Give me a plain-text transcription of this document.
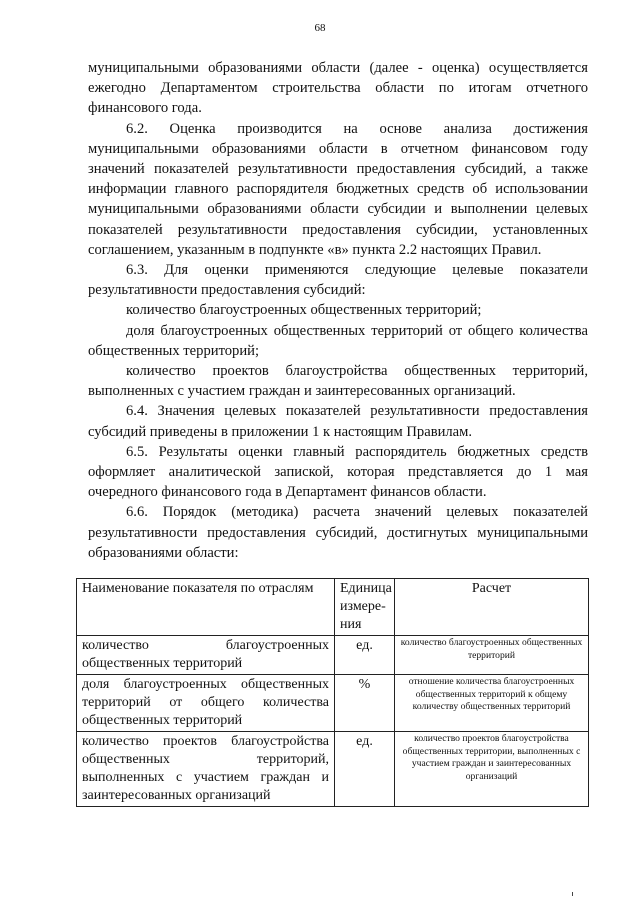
68

муниципальными образованиями области (далее - оценка) осуществляется ежегодно Департаментом строительства области по итогам отчетного финансового года.

6.2. Оценка производится на основе анализа достижения муниципальными образованиями области в отчетном финансовом году значений показателей результативности предоставления субсидий, а также информации главного распорядителя бюджетных средств об использовании муниципальными образованиями области субсидии и выполнении целевых показателей результативности предоставления субсидии, установленных соглашением, указанным в подпункте «в» пункта 2.2 настоящих Правил.

6.3. Для оценки применяются следующие целевые показатели результативности предоставления субсидий:

количество благоустроенных общественных территорий;

доля благоустроенных общественных территорий от общего количества общественных территорий;

количество проектов благоустройства общественных территорий, выполненных с участием граждан и заинтересованных организаций.

6.4. Значения целевых показателей результативности предоставления субсидий приведены в приложении 1 к настоящим Правилам.

6.5. Результаты оценки главный распорядитель бюджетных средств оформляет аналитической запиской, которая представляется до 1 мая очередного финансового года в Департамент финансов области.

6.6. Порядок (методика) расчета значений целевых показателей результативности предоставления субсидий, достигнутых муниципальными образованиями области:

Наименование показателя по отраслям	Единица измере-ния	Расчет
количество благоустроенных общественных территорий	ед.	количество благоустроенных общественных территорий
доля благоустроенных общественных территорий от общего количества общественных территорий	%	отношение количества благоустроенных общественных территорий к общему количеству общественных территорий
количество проектов благоустройства общественных территорий, выполненных с участием граждан и заинтересованных организаций	ед.	количество проектов благоустройства общественных территории, выполненных с участием граждан и заинтересованных организаций
